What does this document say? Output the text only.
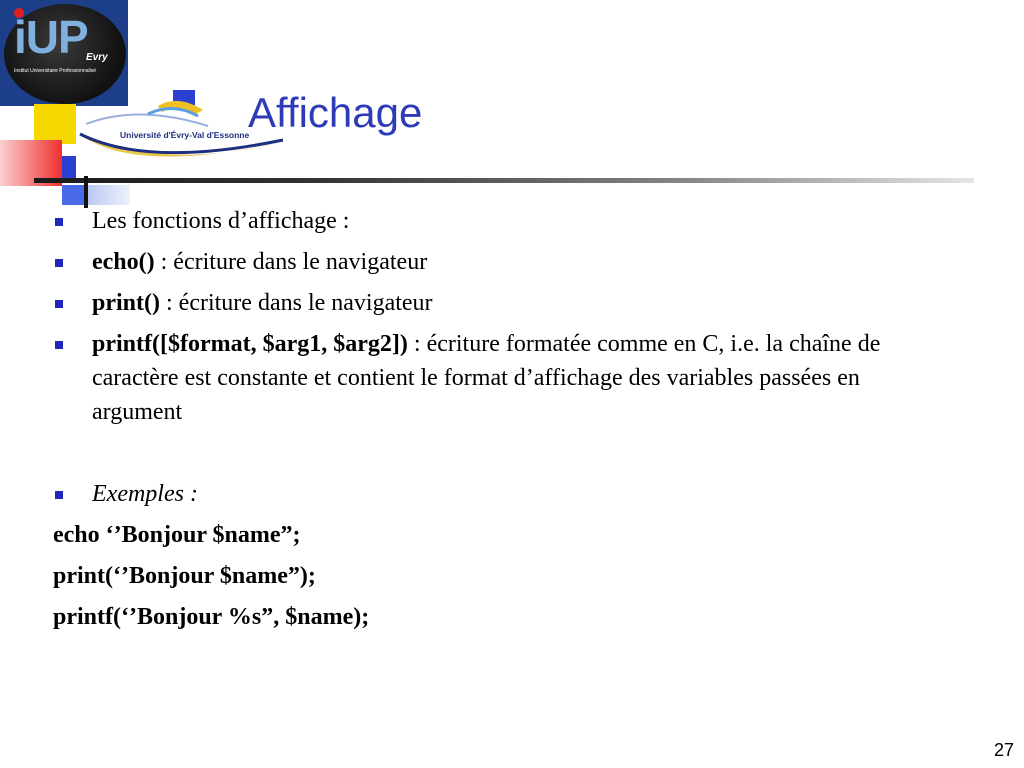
iUP
Evry
Institut Universitaire Professionnalisé
Université d'Évry-Val d'Essonne
Affichage
Les fonctions d’affichage :
echo() : écriture dans le navigateur
print() : écriture dans le navigateur
printf([$format, $arg1, $arg2]) : écriture formatée comme en C, i.e. la chaîne de caractère est constante et contient le format d’affichage des variables passées en argument
Exemples :
echo ‘’Bonjour $name”;
print(‘’Bonjour $name”);
printf(‘’Bonjour %s”, $name);
27
